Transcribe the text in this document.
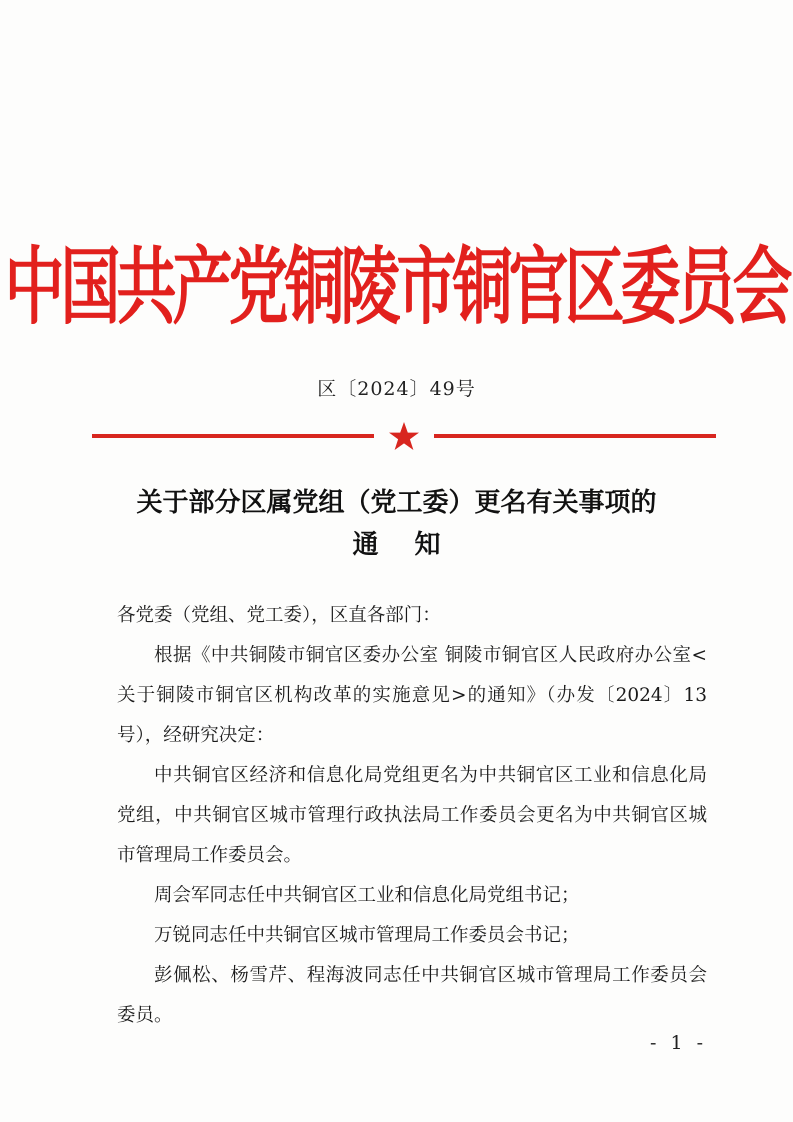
中国共产党铜陵市铜官区委员会
区〔2024〕49号
关于部分区属党组（党工委）更名有关事项的
通知

各党委（党组、党工委），区直各部门：

根据《中共铜陵市铜官区委办公室 铜陵市铜官区人民政府办公室<关于铜陵市铜官区机构改革的实施意见>的通知》（办发〔2024〕13号），经研究决定：

中共铜官区经济和信息化局党组更名为中共铜官区工业和信息化局党组，中共铜官区城市管理行政执法局工作委员会更名为中共铜官区城市管理局工作委员会。

周会军同志任中共铜官区工业和信息化局党组书记；

万锐同志任中共铜官区城市管理局工作委员会书记；

彭佩松、杨雪芹、程海波同志任中共铜官区城市管理局工作委员会委员。

- 1 -
